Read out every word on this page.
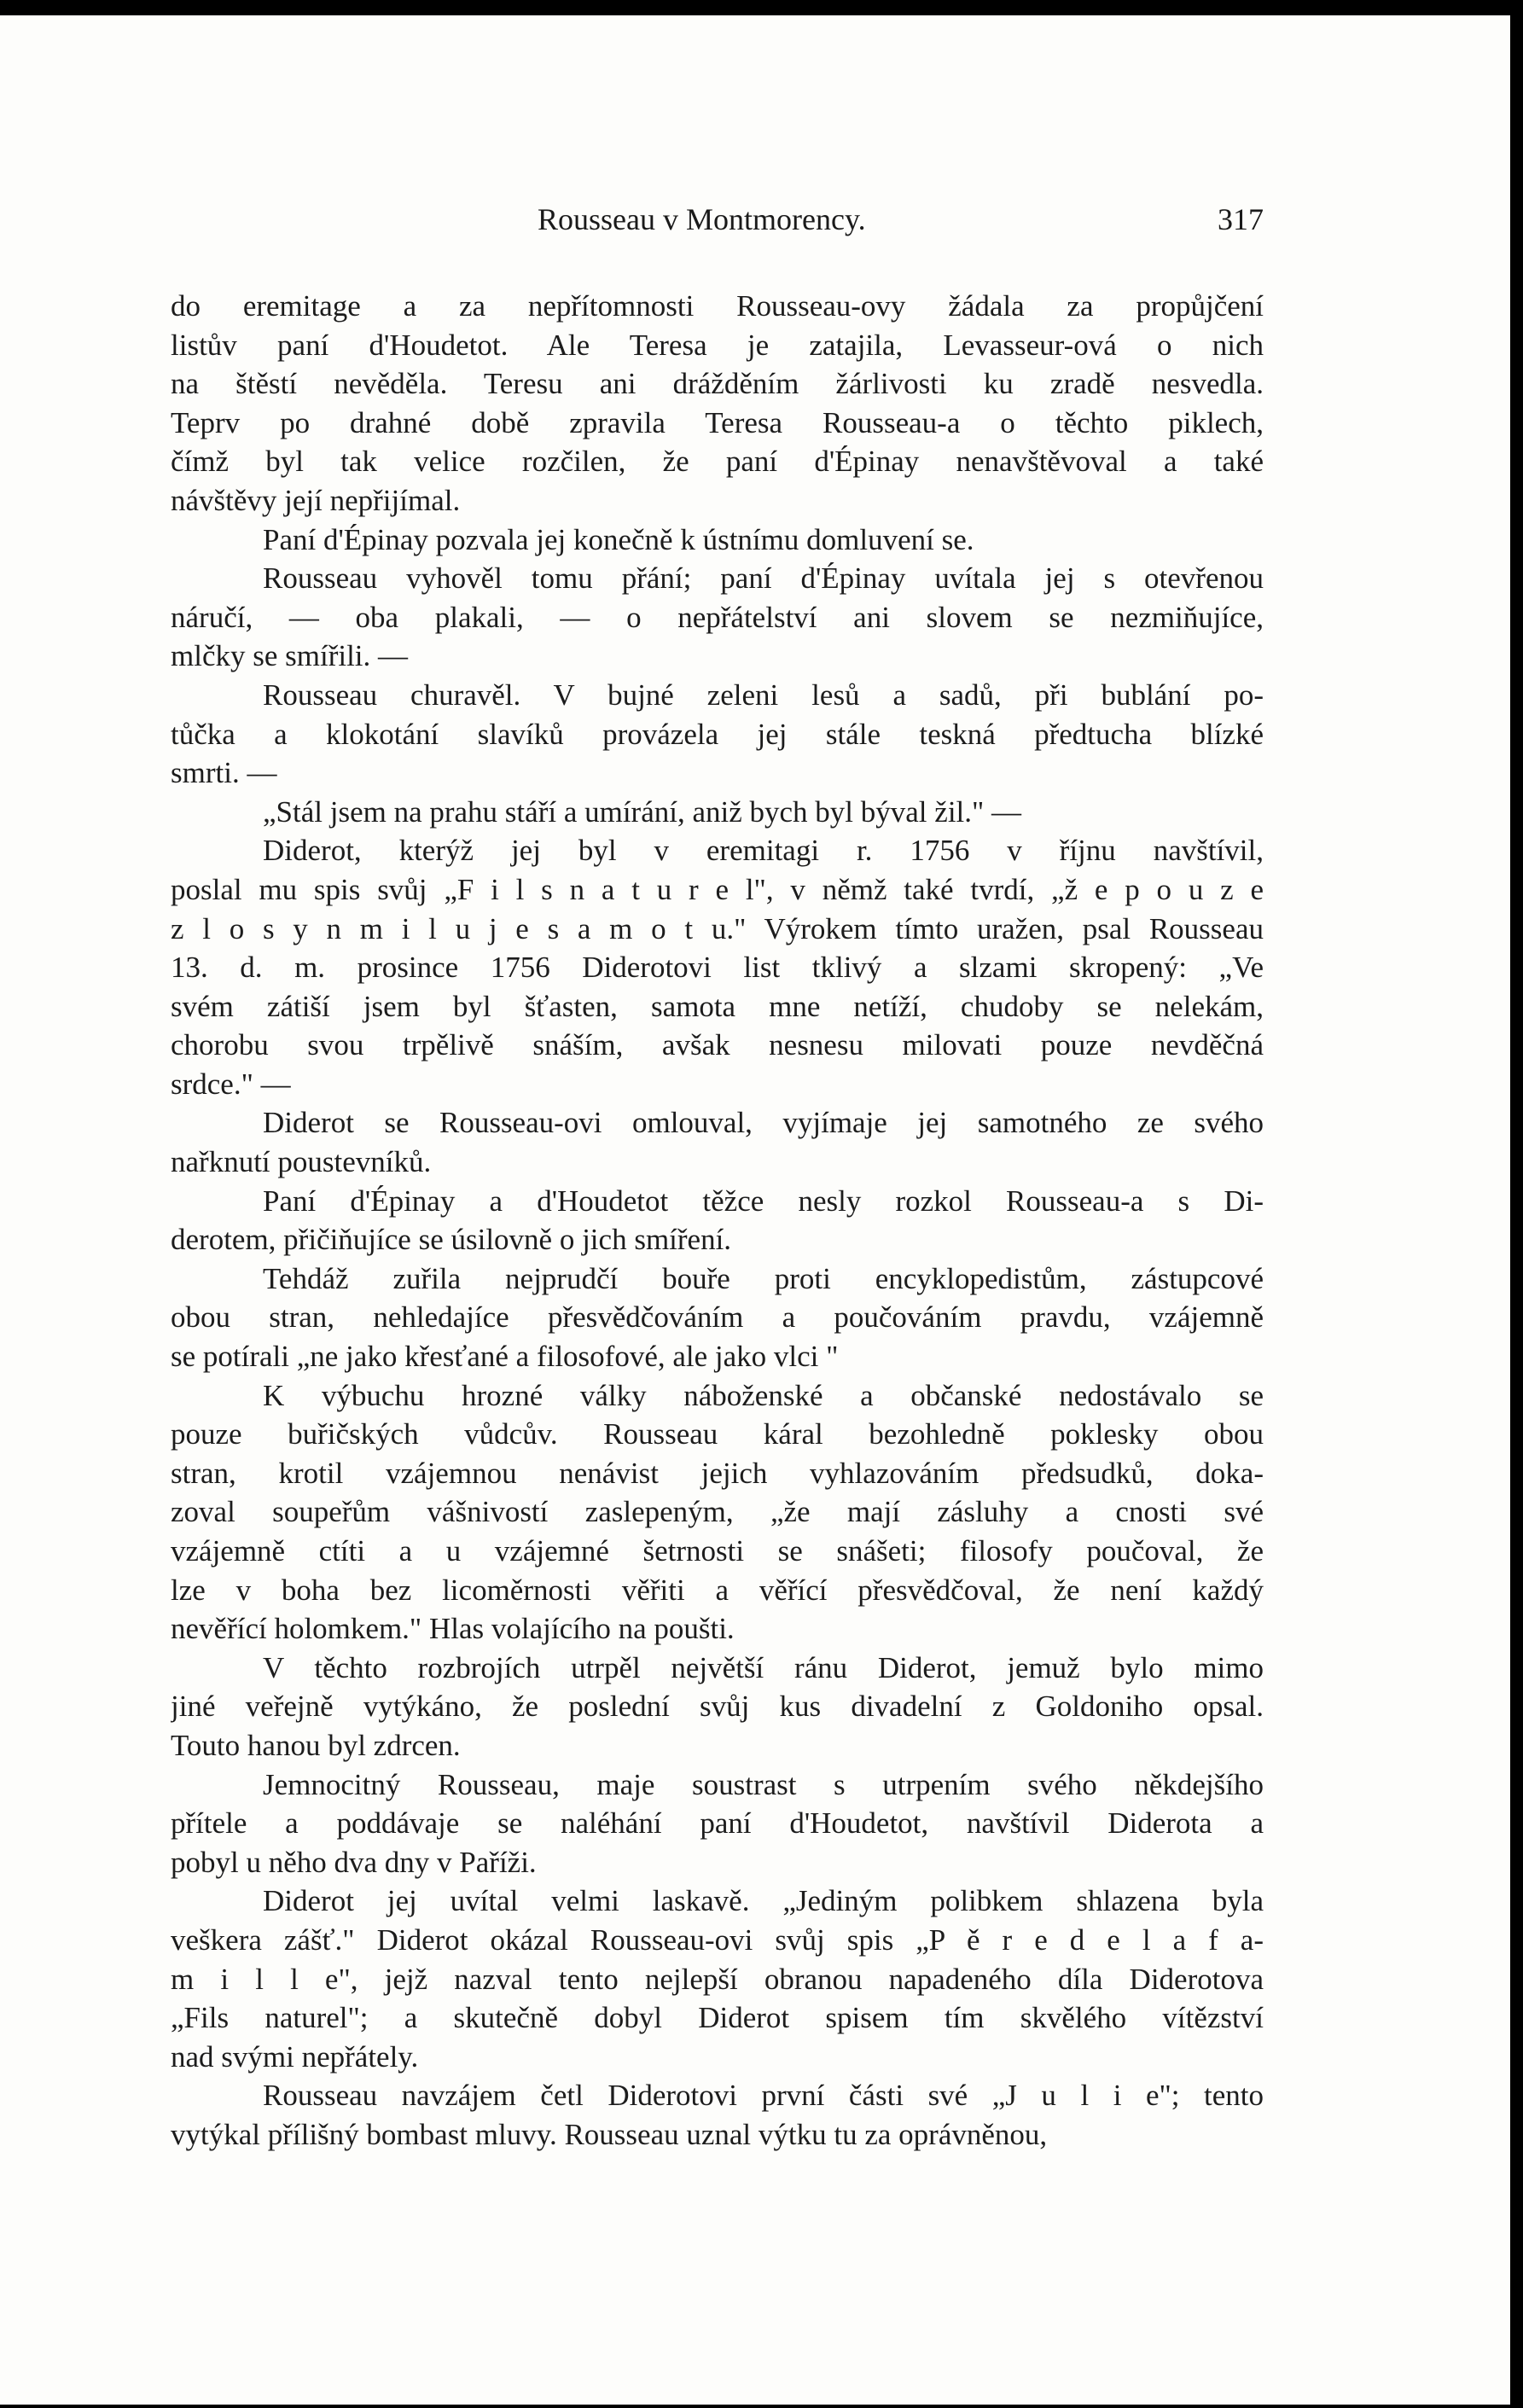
Rousseau v Montmorency.	317
do eremitage a za nepřítomnosti Rousseau-ovy žádala za propůjčení
listův paní d'Houdetot. Ale Teresa je zatajila, Levasseur-ová o nich
na štěstí nevěděla. Teresu ani drážděním žárlivosti ku zradě nesvedla.
Teprv po drahné době zpravila Teresa Rousseau-a o těchto piklech,
čímž byl tak velice rozčilen, že paní d'Épinay nenavštěvoval a také
návštěvy její nepřijímal.
Paní d'Épinay pozvala jej konečně k ústnímu domluvení se.
Rousseau vyhověl tomu přání; paní d'Épinay uvítala jej s otevřenou
náručí, — oba plakali, — o nepřátelství ani slovem se nezmiňujíce,
mlčky se smířili. —
Rousseau churavěl. V bujné zeleni lesů a sadů, při bublání po-
tůčka a klokotání slavíků provázela jej stále teskná předtucha blízké
smrti. —
„Stál jsem na prahu stáří a umírání, aniž bych byl býval žil." —
Diderot, kterýž jej byl v eremitagi r. 1756 v říjnu navštívil,
poslal mu spis svůj „F i l s n a t u r e l", v němž také tvrdí, „ž e p o u z e
z l o s y n m i l u j e s a m o t u." Výrokem tímto uražen, psal Rousseau
13. d. m. prosince 1756 Diderotovi list tklivý a slzami skropený: „Ve
svém zátiší jsem byl šťasten, samota mne netíží, chudoby se nelekám,
chorobu svou trpělivě snáším, avšak nesnesu milovati pouze nevděčná
srdce." —
Diderot se Rousseau-ovi omlouval, vyjímaje jej samotného ze svého
nařknutí poustevníků.
Paní d'Épinay a d'Houdetot těžce nesly rozkol Rousseau-a s Di-
derotem, přičiňujíce se úsilovně o jich smíření.
Tehdáž zuřila nejprudčí bouře proti encyklopedistům, zástupcové
obou stran, nehledajíce přesvědčováním a poučováním pravdu, vzájemně
se potírali „ne jako křesťané a filosofové, ale jako vlci "
K výbuchu hrozné války náboženské a občanské nedostávalo se
pouze buřičských vůdcův. Rousseau káral bezohledně poklesky obou
stran, krotil vzájemnou nenávist jejich vyhlazováním předsudků, doka-
zoval soupeřům vášnivostí zaslepeným, „že mají zásluhy a cnosti své
vzájemně ctíti a u vzájemné šetrnosti se snášeti; filosofy poučoval, že
lze v boha bez licoměrnosti věřiti a věřící přesvědčoval, že není každý
nevěřící holomkem." Hlas volajícího na poušti.
V těchto rozbrojích utrpěl největší ránu Diderot, jemuž bylo mimo
jiné veřejně vytýkáno, že poslední svůj kus divadelní z Goldoniho opsal.
Touto hanou byl zdrcen.
Jemnocitný Rousseau, maje soustrast s utrpením svého někdejšího
přítele a poddávaje se naléhání paní d'Houdetot, navštívil Diderota a
pobyl u něho dva dny v Paříži.
Diderot jej uvítal velmi laskavě. „Jediným polibkem shlazena byla
veškera zášť." Diderot okázal Rousseau-ovi svůj spis „P ě r e d e l a f a-
m i l l e", jejž nazval tento nejlepší obranou napadeného díla Diderotova
„Fils naturel"; a skutečně dobyl Diderot spisem tím skvělého vítězství
nad svými nepřátely.
Rousseau navzájem četl Diderotovi první části své „J u l i e"; tento
vytýkal přílišný bombast mluvy. Rousseau uznal výtku tu za oprávněnou,
